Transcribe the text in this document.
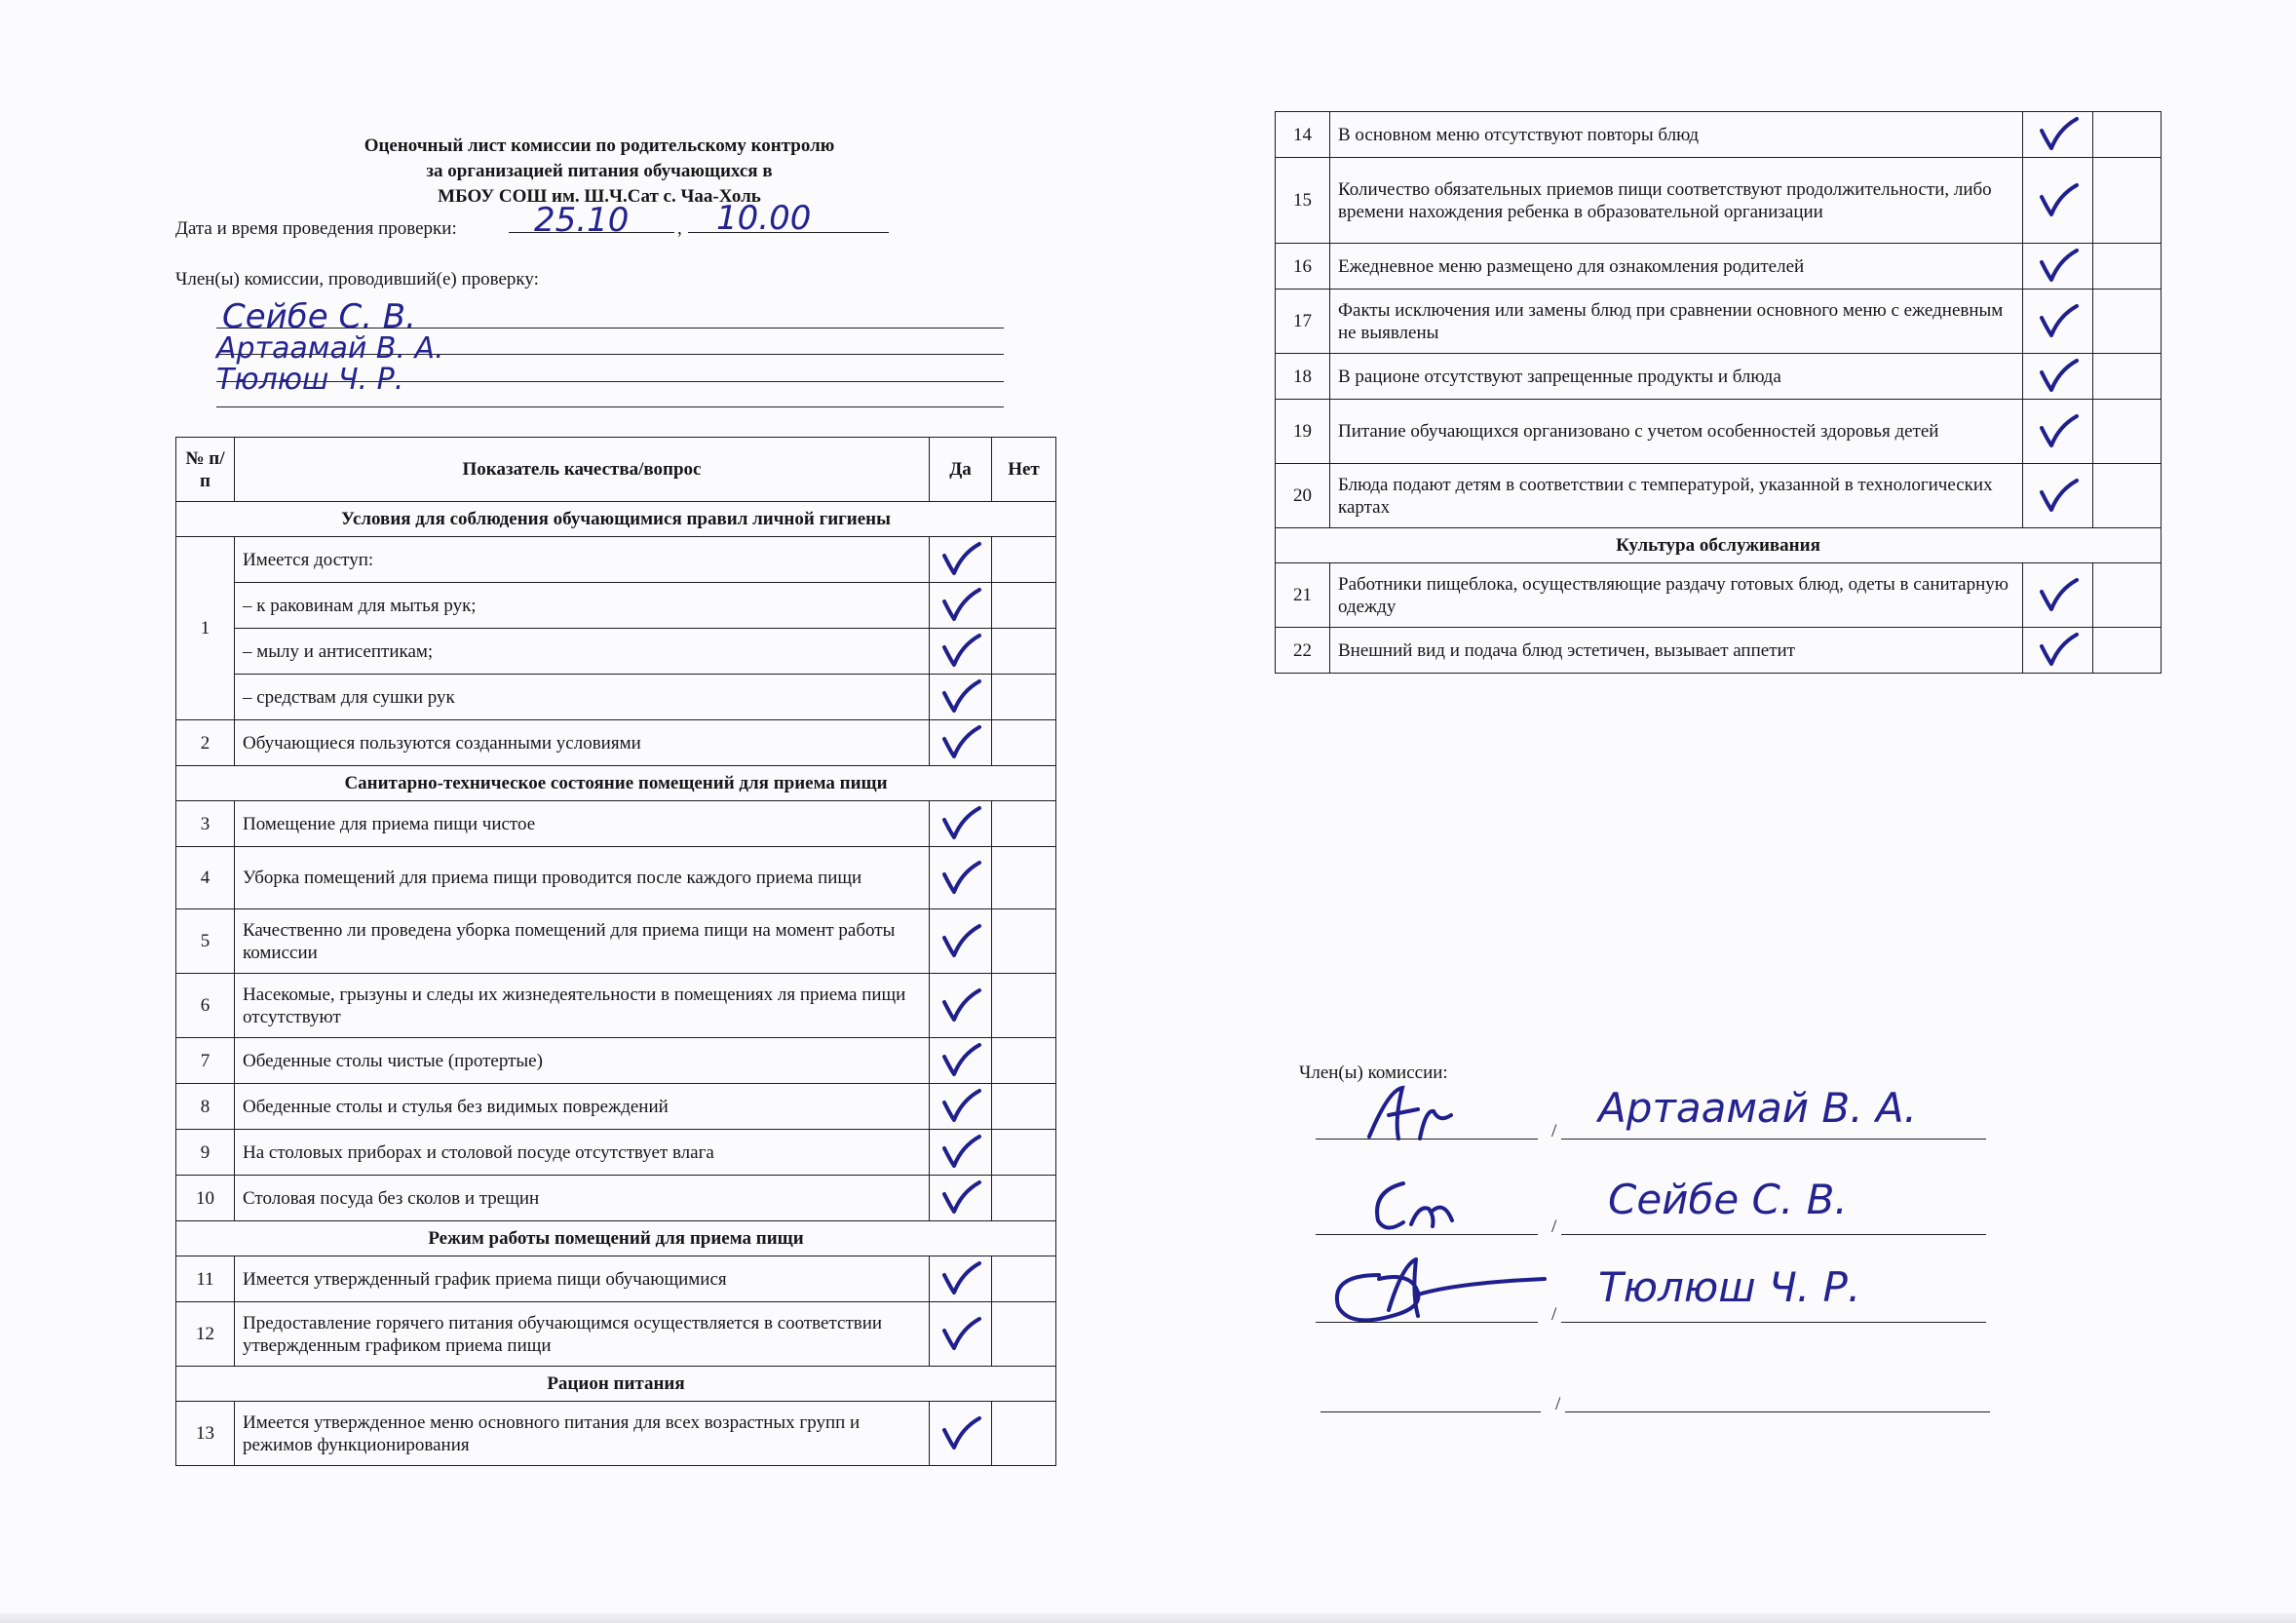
Оценочный лист комиссии по родительскому контролю
за организацией питания обучающихся в
МБОУ СОШ им. Ш.Ч.Сат с. Чаа-Холь
Дата и время проведения проверки: 25.10	, 10.00
Член(ы) комиссии, проводивший(е) проверку:
Сейбе С. В.
Артаамай В. А.
Тюлюш Ч. Р.
№ п/п	Показатель качества/вопрос	Да	Нет
Условия для соблюдения обучающимися правил личной гигиены			
1	Имеется доступ:	

	– к раковинам для мытья рук;	

	– мылу и антисептикам;	

	– средствам для сушки рук	

2	Обучающиеся пользуются созданными условиями	

Санитарно-техническое состояние помещений для приема пищи			
3	Помещение для приема пищи чистое	

4	Уборка помещений для приема пищи проводится после каждого приема пищи	

5	Качественно ли проведена уборка помещений для приема пищи на момент работы комиссии	

6	Насекомые, грызуны и следы их жизнедеятельности в помещениях ля приема пищи отсутствуют	

7	Обеденные столы чистые (протертые)	

8	Обеденные столы и стулья без видимых повреждений	

9	На столовых приборах и столовой посуде отсутствует влага	

10	Столовая посуда без сколов и трещин	

Режим работы помещений для приема пищи			
11	Имеется утвержденный график приема пищи обучающимися	

12	Предоставление горячего питания обучающимся осуществляется в соответствии утвержденным графиком приема пищи	

Рацион питания			
13	Имеется утвержденное меню основного питания для всех возрастных групп и режимов функционирования	

14	В основном меню отсутствуют повторы блюд	

15	Количество обязательных приемов пищи соответствуют продолжительности, либо времени нахождения ребенка в образовательной организации	

16	Ежедневное меню размещено для ознакомления родителей	

17	Факты исключения или замены блюд при сравнении основного меню с ежедневным не выявлены	

18	В рационе отсутствуют запрещенные продукты и блюда	

19	Питание обучающихся организовано с учетом особенностей здоровья детей	

20	Блюда подают детям в соответствии с температурой, указанной в технологических картах	

Культура обслуживания			
21	Работники пищеблока, осуществляющие раздачу готовых блюд, одеты в санитарную одежду	

22	Внешний вид и подача блюд эстетичен, вызывает аппетит	

Член(ы) комиссии:
/ Артаамай В. А.
/
Сейбе С. В.
/
Тюлюш Ч. Р.
/
